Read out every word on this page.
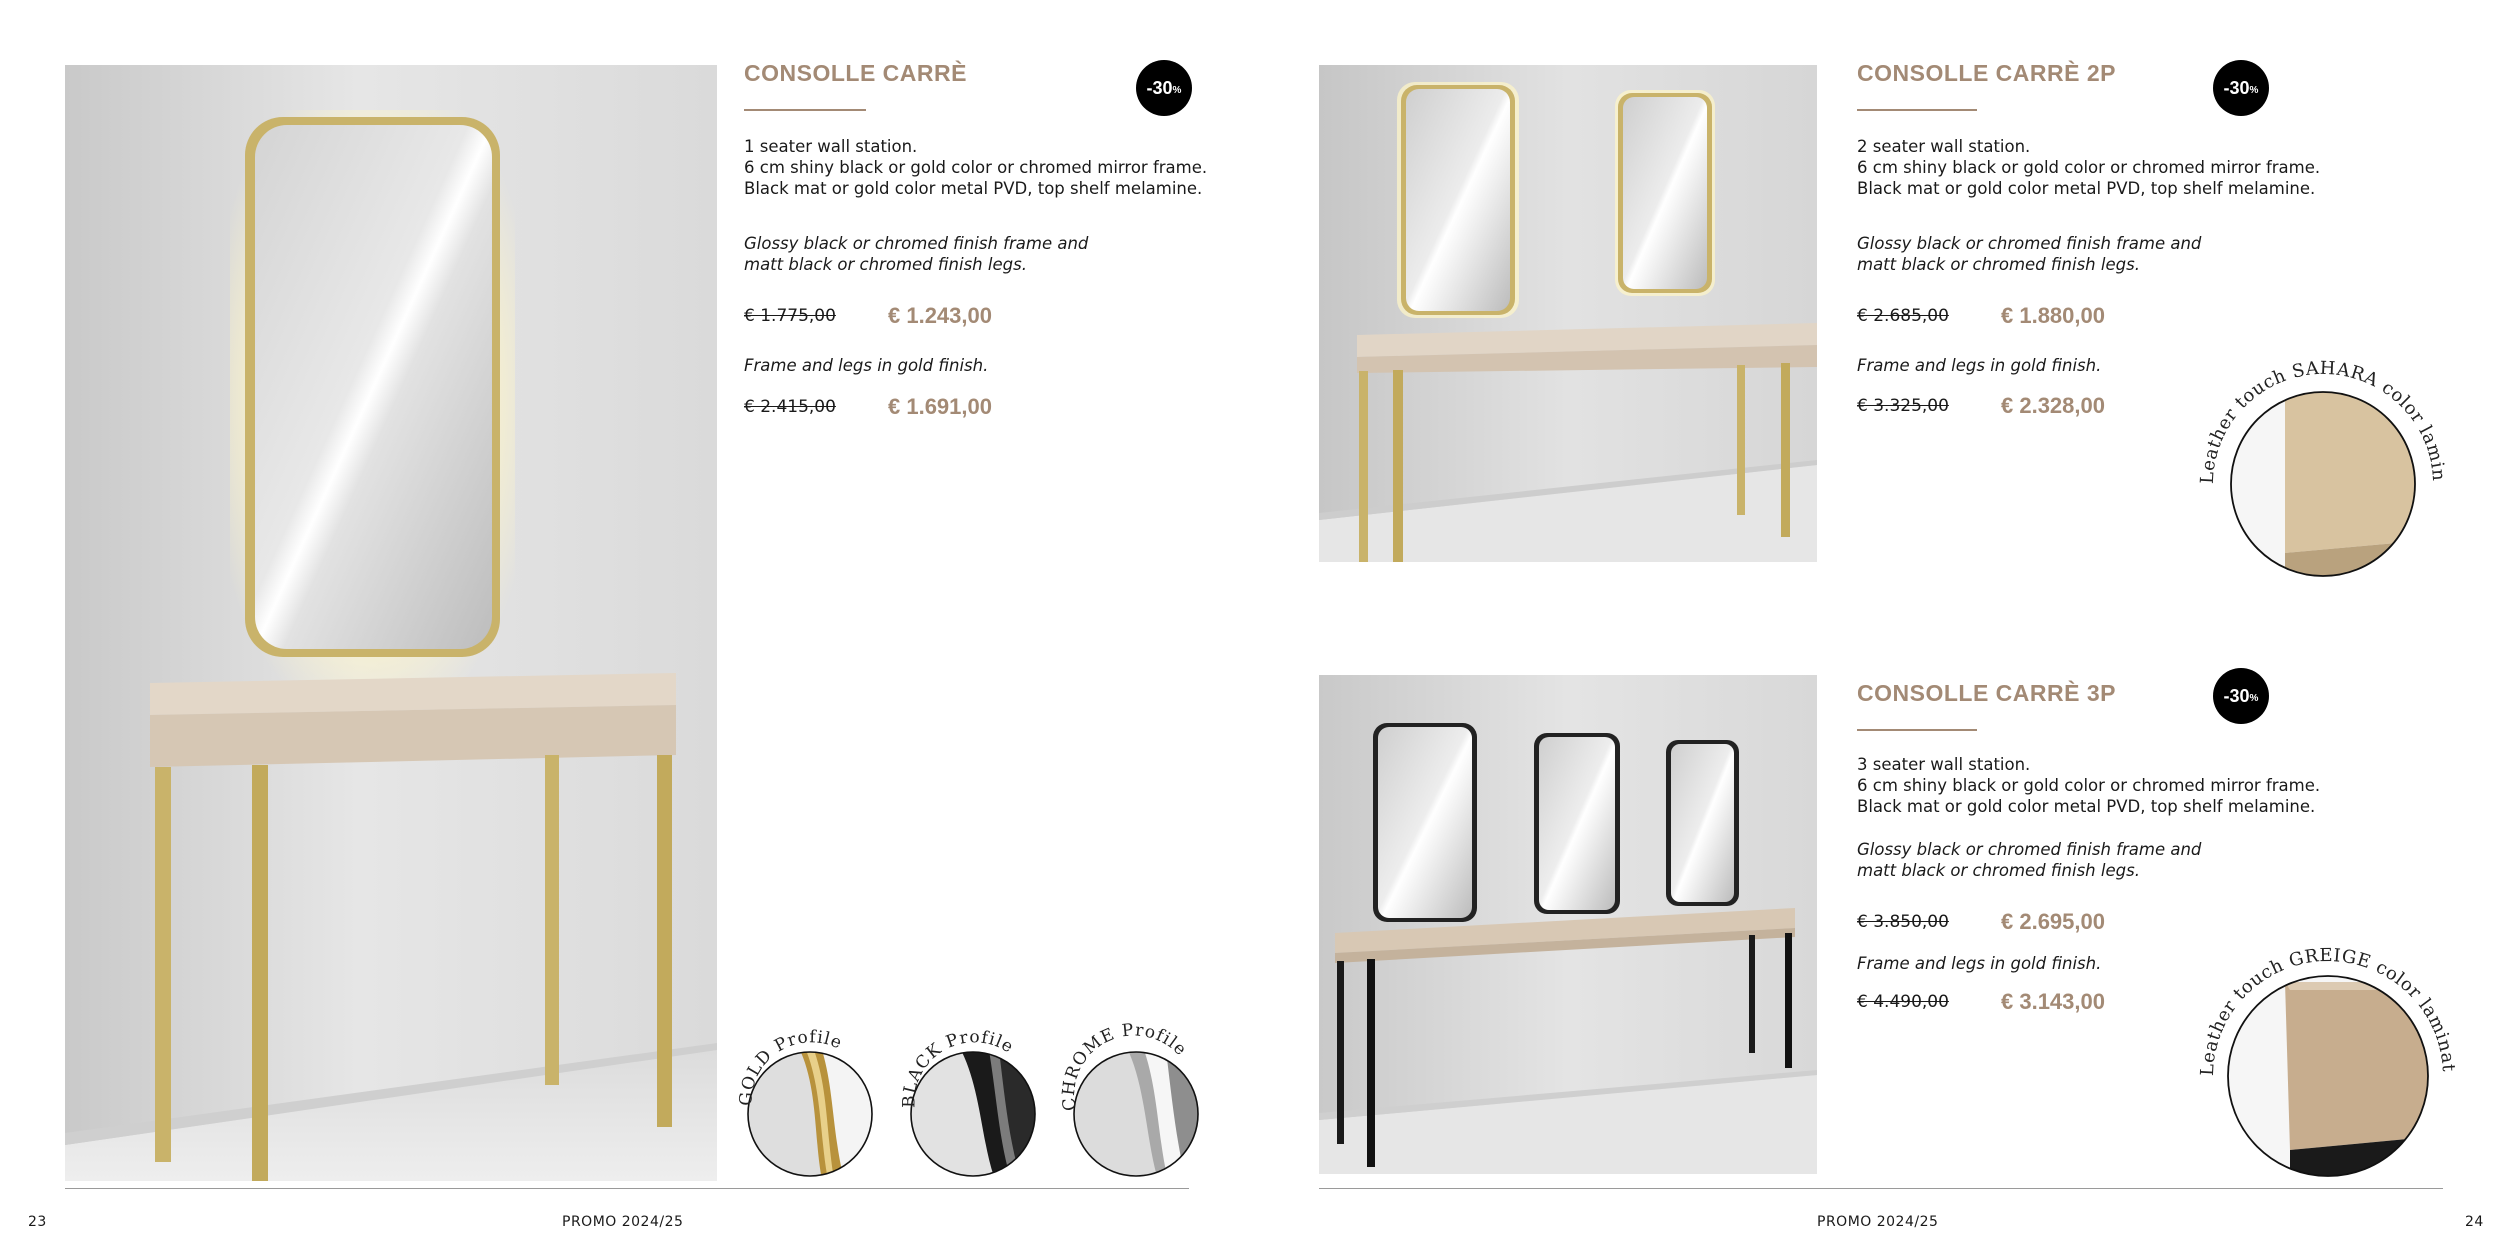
CONSOLLE CARRÈ
-30 %
1 seater wall station.
6 cm shiny black or gold color or chromed mirror frame.
Black mat or gold color metal PVD, top shelf melamine.
Glossy black or chromed finish frame and
matt black or chromed finish legs.
€ 1.775,00 € 1.243,00
Frame and legs in gold finish.
€ 2.415,00 € 1.691,00
GOLD Profile
BLACK Profile
CHROME Profile
23	PROMO 2024/25
CONSOLLE CARRÈ 2P
-30 %
2 seater wall station.
6 cm shiny black or gold color or chromed mirror frame.
Black mat or gold color metal PVD, top shelf melamine.
Glossy black or chromed finish frame and
matt black or chromed finish legs.
€ 2.685,00 € 1.880,00
Frame and legs in gold finish.
€ 3.325,00 € 2.328,00
Leather touch SAHARA color laminate
CONSOLLE CARRÈ 3P	-30 %
3 seater wall station.
6 cm shiny black or gold color or chromed mirror frame.
Black mat or gold color metal PVD, top shelf melamine.
Glossy black or chromed finish frame and
matt black or chromed finish legs.
€ 3.850,00 € 2.695,00
Frame and legs in gold finish.
€ 4.490,00 € 3.143,00
Leather touch GREIGE color laminate
PROMO 2024/25	24
